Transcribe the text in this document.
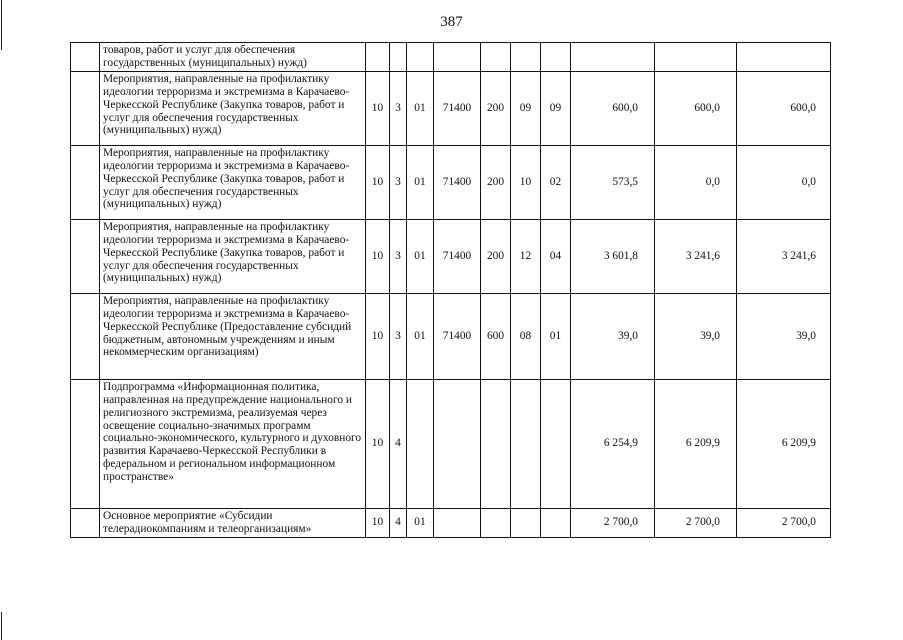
387
	товаров, работ и услуг для обеспечения государственных (муниципальных) нужд)										
	Мероприятия, направленные на профилактику идеологии терроризма и экстремизма в Карачаево-Черкесской Республике (Закупка товаров, работ и услуг для обеспечения государственных (муниципальных) нужд)	10	3	01	71400	200	09	09	600,0	600,0	600,0
	Мероприятия, направленные на профилактику идеологии терроризма и экстремизма в Карачаево-Черкесской Республике (Закупка товаров, работ и услуг для обеспечения государственных (муниципальных) нужд)	10	3	01	71400	200	10	02	573,5	0,0	0,0
	Мероприятия, направленные на профилактику идеологии терроризма и экстремизма в Карачаево-Черкесской Республике (Закупка товаров, работ и услуг для обеспечения государственных (муниципальных) нужд)	10	3	01	71400	200	12	04	3 601,8	3 241,6	3 241,6
	Мероприятия, направленные на профилактику идеологии терроризма и экстремизма в Карачаево-Черкесской Республике (Предоставление субсидий бюджетным, автономным учреждениям и иным некоммерческим организациям)	10	3	01	71400	600	08	01	39,0	39,0	39,0
	Подпрограмма «Информационная политика, направленная на предупреждение национального и религиозного экстремизма, реализуемая через освещение социально-значимых программ социально-экономического, культурного и духовного развития Карачаево-Черкесской Республики в федеральном и региональном информационном пространстве»	10	4						6 254,9	6 209,9	6 209,9
	Основное мероприятие «Субсидии телерадиокомпаниям и телеорганизациям»	10	4	01					2 700,0	2 700,0	2 700,0
